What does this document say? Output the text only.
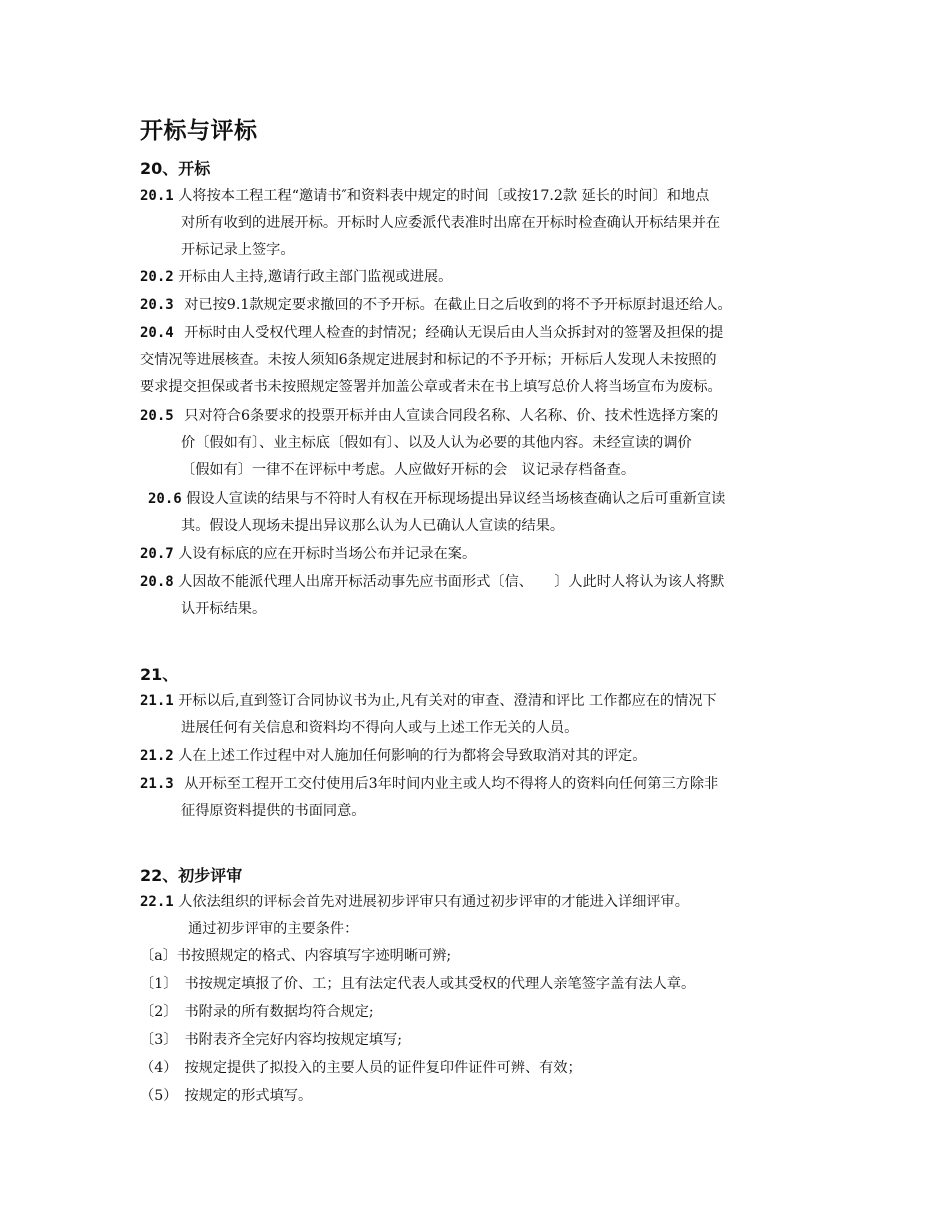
开标与评标
20、开标
20.1 人将按本工程工程“邀请书″和资料表中规定的时间〔或按17.2款 延长的时间〕和地点
对所有收到的进展开标。开标时人应委派代表准时出席在开标时检查确认开标结果并在
开标记录上签字。
20.2 开标由人主持,邀请行政主部门监视或进展。
20.3 对已按9.1款规定要求撤回的不予开标。在截止日之后收到的将不予开标原封退还给人。
20.4 开标时由人受权代理人检查的封情况；经确认无误后由人当众拆封对的签署及担保的提
交情况等进展核查。未按人须知6条规定进展封和标记的不予开标；开标后人发现人未按照的
要求提交担保或者书未按照规定签署并加盖公章或者未在书上填写总价人将当场宣布为废标。
20.5 只对符合6条要求的投票开标并由人宣读合同段名称、人名称、价、技术性选择方案的
价〔假如有〕、业主标底〔假如有〕、以及人认为必要的其他内容。未经宣读的调价
〔假如有〕一律不在评标中考虑。人应做好开标的会　议记录存档备查。
20.6 假设人宣读的结果与不符时人有权在开标现场提出异议经当场核查确认之后可重新宣读
其。假设人现场未提出异议那么认为人已确认人宣读的结果。
20.7 人设有标底的应在开标时当场公布并记录在案。
20.8 人因故不能派代理人出席开标活动事先应书面形式〔信、　　〕人此时人将认为该人将默
认开标结果。
21、
21.1 开标以后,直到签订合同协议书为止,凡有关对的审查、澄清和评比 工作都应在的情况下
进展任何有关信息和资料均不得向人或与上述工作无关的人员。
21.2 人在上述工作过程中对人施加任何影响的行为都将会导致取消对其的评定。
21.3 从开标至工程开工交付使用后3年时间内业主或人均不得将人的资料向任何第三方除非
征得原资料提供的书面同意。
22、初步评审
22.1 人依法组织的评标会首先对进展初步评审只有通过初步评审的才能进入详细评审。
通过初步评审的主要条件：
〔a〕书按照规定的格式、内容填写字迹明晰可辨;
〔1〕　书按规定填报了价、工；且有法定代表人或其受权的代理人亲笔签字盖有法人章。
〔2〕　书附录的所有数据均符合规定;
〔3〕　书附表齐全完好内容均按规定填写;
（4）　按规定提供了拟投入的主要人员的证件复印件证件可辨、有效；
（5）　按规定的形式填写。
